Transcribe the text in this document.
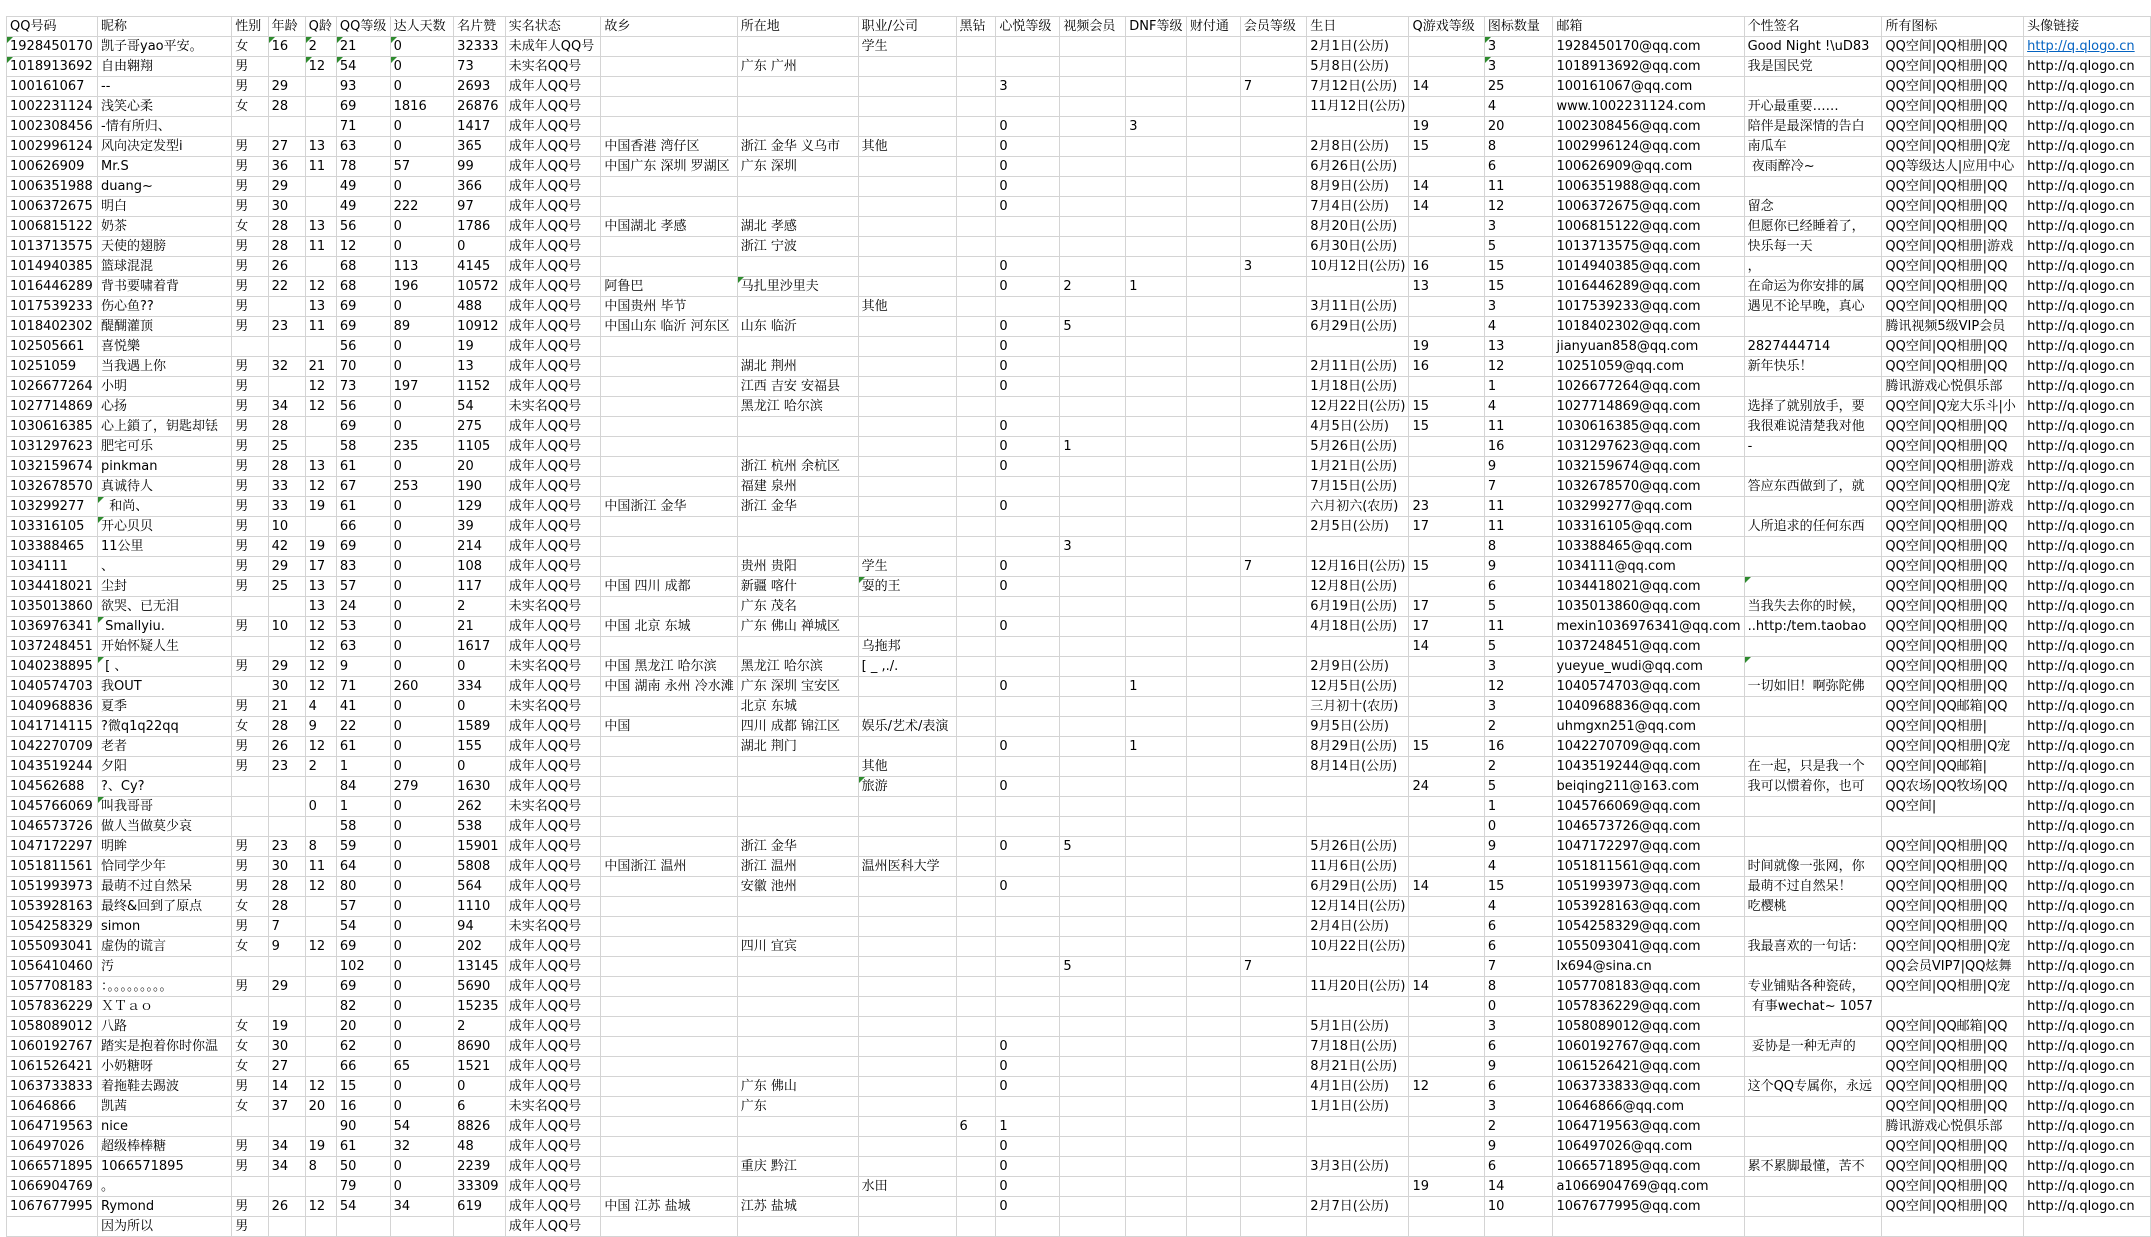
QQ号码	昵称	性别	年龄	Q龄	QQ等级	达人天数	名片赞	实名状态	故乡	所在地	职业/公司	黑钻	心悦等级	视频会员	DNF等级	财付通	会员等级	生日	Q游戏等级	图标数量	邮箱	个性签名	所有图标	头像链接

1928450170	凯子哥yao平安。	女	16	2	21	0	32333	未成年人QQ号			学生							2月1日(公历)		3	1928450170@qq.com	Good Night !\uD83	QQ空间|QQ相册|QQ	http://q.qlogo.cn

1018913692	自由翱翔	男		12	54	0	73	未实名QQ号		广东 广州								5月8日(公历)		3	1018913692@qq.com	我是国民党	QQ空间|QQ相册|QQ	http://q.qlogo.cn
100161067	--	男	29		93	0	2693	成年人QQ号					3				7	7月12日(公历)	14	25	100161067@qq.com		QQ空间|QQ相册|QQ	http://q.qlogo.cn
1002231124	浅笑心柔	女	28		69	1816	26876	成年人QQ号										11月12日(公历)		4	www.1002231124.com	开心最重要……	QQ空间|QQ相册|QQ	http://q.qlogo.cn
1002308456	-情有所归、				71	0	1417	成年人QQ号					0		3				19	20	1002308456@qq.com	陪伴是最深情的告白	QQ空间|QQ相册|QQ	http://q.qlogo.cn
1002996124	风向决定发型i	男	27	13	63	0	365	成年人QQ号	中国香港 湾仔区	浙江 金华 义乌市	其他		0					2月8日(公历)	15	8	1002996124@qq.com	南瓜车	QQ空间|QQ相册|Q宠	http://q.qlogo.cn
100626909	Mr.S	男	36	11	78	57	99	成年人QQ号	中国广东 深圳 罗湖区	广东 深圳			0					6月26日(公历)		6	100626909@qq.com	夜雨醉冷~	QQ等级达人|应用中心	http://q.qlogo.cn
1006351988	duang~	男	29		49	0	366	成年人QQ号					0					8月9日(公历)	14	11	1006351988@qq.com		QQ空间|QQ相册|QQ	http://q.qlogo.cn
1006372675	明白	男	30		49	222	97	成年人QQ号					0					7月4日(公历)	14	12	1006372675@qq.com	留念	QQ空间|QQ相册|QQ	http://q.qlogo.cn
1006815122	奶茶	女	28	13	56	0	1786	成年人QQ号	中国湖北 孝感	湖北 孝感								8月20日(公历)		3	1006815122@qq.com	但愿你已经睡着了，	QQ空间|QQ相册|QQ	http://q.qlogo.cn
1013713575	天使的翅膀	男	28	11	12	0	0	成年人QQ号		浙江 宁波								6月30日(公历)		5	1013713575@qq.com	快乐每一天	QQ空间|QQ相册|游戏	http://q.qlogo.cn
1014940385	篮球混混	男	26		68	113	4145	成年人QQ号					0				3	10月12日(公历)	16	15	1014940385@qq.com	，	QQ空间|QQ相册|QQ	http://q.qlogo.cn
1016446289	背书要啸着背	男	22	12	68	196	10572	成年人QQ号	阿鲁巴	马扎里沙里夫			0	2	1				13	15	1016446289@qq.com	在命运为你安排的属	QQ空间|QQ相册|QQ	http://q.qlogo.cn
1017539233	伤心鱼??	男		13	69	0	488	成年人QQ号	中国贵州 毕节		其他							3月11日(公历)		3	1017539233@qq.com	遇见不论早晚，真心	QQ空间|QQ相册|QQ	http://q.qlogo.cn
1018402302	醍醐灌顶	男	23	11	69	89	10912	成年人QQ号	中国山东 临沂 河东区	山东 临沂			0	5				6月29日(公历)		4	1018402302@qq.com		腾讯视频5级VIP会员	http://q.qlogo.cn
102505661	喜悦樂				56	0	19	成年人QQ号					0						19	13	jianyuan858@qq.com	2827444714	QQ空间|QQ相册|QQ	http://q.qlogo.cn
10251059	当我遇上你	男	32	21	70	0	13	成年人QQ号		湖北 荆州			0					2月11日(公历)	16	12	10251059@qq.com	新年快乐！	QQ空间|QQ相册|QQ	http://q.qlogo.cn
1026677264	小明	男		12	73	197	1152	成年人QQ号		江西 吉安 安福县			0					1月18日(公历)		1	1026677264@qq.com		腾讯游戏心悦俱乐部	http://q.qlogo.cn
1027714869	心扬	男	34	12	56	0	54	未实名QQ号		黑龙江 哈尔滨								12月22日(公历)	15	4	1027714869@qq.com	选择了就别放手，要	QQ空间|Q宠大乐斗|小	http://q.qlogo.cn
1030616385	心上鎖了，钥匙却铥	男	28		69	0	275	成年人QQ号					0					4月5日(公历)	15	11	1030616385@qq.com	我很难说清楚我对他	QQ空间|QQ相册|QQ	http://q.qlogo.cn
1031297623	肥宅可乐	男	25		58	235	1105	成年人QQ号					0	1				5月26日(公历)		16	1031297623@qq.com	-	QQ空间|QQ相册|QQ	http://q.qlogo.cn
1032159674	pinkman	男	28	13	61	0	20	成年人QQ号		浙江 杭州 余杭区			0					1月21日(公历)		9	1032159674@qq.com		QQ空间|QQ相册|游戏	http://q.qlogo.cn
1032678570	真诚待人	男	33	12	67	253	190	成年人QQ号		福建 泉州								7月15日(公历)		7	1032678570@qq.com	答应东西做到了，就	QQ空间|QQ相册|Q宠	http://q.qlogo.cn
103299277	和尚、	男	33	19	61	0	129	成年人QQ号	中国浙江 金华	浙江 金华			0					六月初六(农历)	23	11	103299277@qq.com		QQ空间|QQ相册|游戏	http://q.qlogo.cn
103316105	开心贝贝	男	10		66	0	39	成年人QQ号										2月5日(公历)	17	11	103316105@qq.com	人所追求的任何东西	QQ空间|QQ相册|QQ	http://q.qlogo.cn
103388465	11公里	男	42	19	69	0	214	成年人QQ号						3						8	103388465@qq.com		QQ空间|QQ相册|QQ	http://q.qlogo.cn
1034111	、	男	29	17	83	0	108	成年人QQ号		贵州 贵阳	学生		0				7	12月16日(公历)	15	9	1034111@qq.com		QQ空间|QQ相册|QQ	http://q.qlogo.cn
1034418021	尘封	男	25	13	57	0	117	成年人QQ号	中国 四川 成都	新疆 喀什	耍的王		0					12月8日(公历)		6	1034418021@qq.com		QQ空间|QQ相册|QQ	http://q.qlogo.cn
1035013860	欲哭、已无泪			13	24	0	2	未实名QQ号		广东 茂名								6月19日(公历)	17	5	1035013860@qq.com	当我失去你的时候，	QQ空间|QQ相册|QQ	http://q.qlogo.cn
1036976341	Smallyiu.	男	10	12	53	0	21	成年人QQ号	中国 北京 东城	广东 佛山 禅城区			0					4月18日(公历)	17	11	mexin1036976341@qq.com	..http:/tem.taobao	QQ空间|QQ相册|QQ	http://q.qlogo.cn
1037248451	开始怀疑人生			12	63	0	1617	成年人QQ号			乌拖邦								14	5	1037248451@qq.com		QQ空间|QQ相册|QQ	http://q.qlogo.cn
1040238895	[ 、	男	29	12	9	0	0	未实名QQ号	中国 黑龙江 哈尔滨	黑龙江 哈尔滨	[ _ ,./.							2月9日(公历)		3	yueyue_wudi@qq.com		QQ空间|QQ相册|QQ	http://q.qlogo.cn
1040574703	我OUT		30	12	71	260	334	成年人QQ号	中国 湖南 永州 冷水滩	广东 深圳 宝安区			0		1			12月5日(公历)		12	1040574703@qq.com	一切如旧！啊弥陀佛	QQ空间|QQ相册|QQ	http://q.qlogo.cn
1040968836	夏季	男	21	4	41	0	0	未实名QQ号		北京 东城								三月初十(农历)		3	1040968836@qq.com		QQ空间|QQ邮箱|QQ	http://q.qlogo.cn
1041714115	?微q1q22qq	女	28	9	22	0	1589	成年人QQ号	中国	四川 成都 锦江区	娱乐/艺术/表演							9月5日(公历)		2	uhmgxn251@qq.com		QQ空间|QQ相册|	http://q.qlogo.cn
1042270709	老者	男	26	12	61	0	155	成年人QQ号		湖北 荆门			0		1			8月29日(公历)	15	16	1042270709@qq.com		QQ空间|QQ相册|Q宠	http://q.qlogo.cn
1043519244	夕阳	男	23	2	1	0	0	成年人QQ号			其他							8月14日(公历)		2	1043519244@qq.com	在一起，只是我一个	QQ空间|QQ邮箱|	http://q.qlogo.cn
104562688	?、Cy?				84	279	1630	成年人QQ号			旅游		0						24	5	beiqing211@163.com	我可以惯着你，也可	QQ农场|QQ牧场|QQ	http://q.qlogo.cn
1045766069	叫我哥哥			0	1	0	262	未实名QQ号												1	1045766069@qq.com		QQ空间|	http://q.qlogo.cn
1046573726	做人当做莫少哀				58	0	538	成年人QQ号												0	1046573726@qq.com			http://q.qlogo.cn
1047172297	明眸	男	23	8	59	0	15901	成年人QQ号		浙江 金华			0	5				5月26日(公历)		9	1047172297@qq.com		QQ空间|QQ相册|QQ	http://q.qlogo.cn
1051811561	恰同学少年	男	30	11	64	0	5808	成年人QQ号	中国浙江 温州	浙江 温州	温州医科大学							11月6日(公历)		4	1051811561@qq.com	时间就像一张网，你	QQ空间|QQ相册|QQ	http://q.qlogo.cn
1051993973	最萌不过自然呆	男	28	12	80	0	564	成年人QQ号		安徽 池州			0					6月29日(公历)	14	15	1051993973@qq.com	最萌不过自然呆！	QQ空间|QQ相册|QQ	http://q.qlogo.cn
1053928163	最终&回到了原点	女	28		57	0	1110	成年人QQ号										12月14日(公历)		4	1053928163@qq.com	吃樱桃	QQ空间|QQ相册|QQ	http://q.qlogo.cn
1054258329	simon	男	7		54	0	94	未实名QQ号										2月4日(公历)		6	1054258329@qq.com		QQ空间|QQ相册|QQ	http://q.qlogo.cn
1055093041	虚伪的谎言	女	9	12	69	0	202	成年人QQ号		四川 宜宾								10月22日(公历)		6	1055093041@qq.com	我最喜欢的一句话：	QQ空间|QQ相册|Q宠	http://q.qlogo.cn
1056410460	汚				102	0	13145	成年人QQ号						5			7			7	lx694@sina.cn		QQ会员VIP7|QQ炫舞	http://q.qlogo.cn
1057708183	：。。。。。。。。。	男	29		69	0	5690	成年人QQ号										11月20日(公历)	14	8	1057708183@qq.com	专业铺贴各种瓷砖，	QQ空间|QQ相册|Q宠	http://q.qlogo.cn
1057836229	ＸＴａｏ				82	0	15235	成年人QQ号												0	1057836229@qq.com	有事wechat~ 1057		http://q.qlogo.cn
1058089012	八路	女	19		20	0	2	成年人QQ号										5月1日(公历)		3	1058089012@qq.com		QQ空间|QQ邮箱|QQ	http://q.qlogo.cn
1060192767	踏实是抱着你时你温	女	30		62	0	8690	成年人QQ号					0					7月18日(公历)		6	1060192767@qq.com	妥协是一种无声的	QQ空间|QQ相册|QQ	http://q.qlogo.cn
1061526421	小奶糖呀	女	27		66	65	1521	成年人QQ号					0					8月21日(公历)		9	1061526421@qq.com		QQ空间|QQ相册|QQ	http://q.qlogo.cn
1063733833	着拖鞋去踢波	男	14	12	15	0	0	成年人QQ号		广东 佛山			0					4月1日(公历)	12	6	1063733833@qq.com	这个QQ专属你，永远	QQ空间|QQ相册|QQ	http://q.qlogo.cn
10646866	凯茜	女	37	20	16	0	6	未实名QQ号		广东								1月1日(公历)		3	10646866@qq.com		QQ空间|QQ相册|QQ	http://q.qlogo.cn
1064719563	nice				90	54	8826	成年人QQ号				6	1							2	1064719563@qq.com		腾讯游戏心悦俱乐部	http://q.qlogo.cn
106497026	超级棒棒糖	男	34	19	61	32	48	成年人QQ号					0							9	106497026@qq.com		QQ空间|QQ相册|QQ	http://q.qlogo.cn
1066571895	1066571895	男	34	8	50	0	2239	成年人QQ号		重庆 黔江			0					3月3日(公历)		6	1066571895@qq.com	累不累脚最懂，苦不	QQ空间|QQ相册|QQ	http://q.qlogo.cn
1066904769	。				79	0	33309	成年人QQ号			水田		0						19	14	a1066904769@qq.com		QQ空间|QQ相册|QQ	http://q.qlogo.cn
1067677995	Rymond	男	26	12	54	34	619	成年人QQ号	中国 江苏 盐城	江苏 盐城			0					2月7日(公历)		10	1067677995@qq.com		QQ空间|QQ相册|QQ	http://q.qlogo.cn
	因为所以	男						成年人QQ号																
